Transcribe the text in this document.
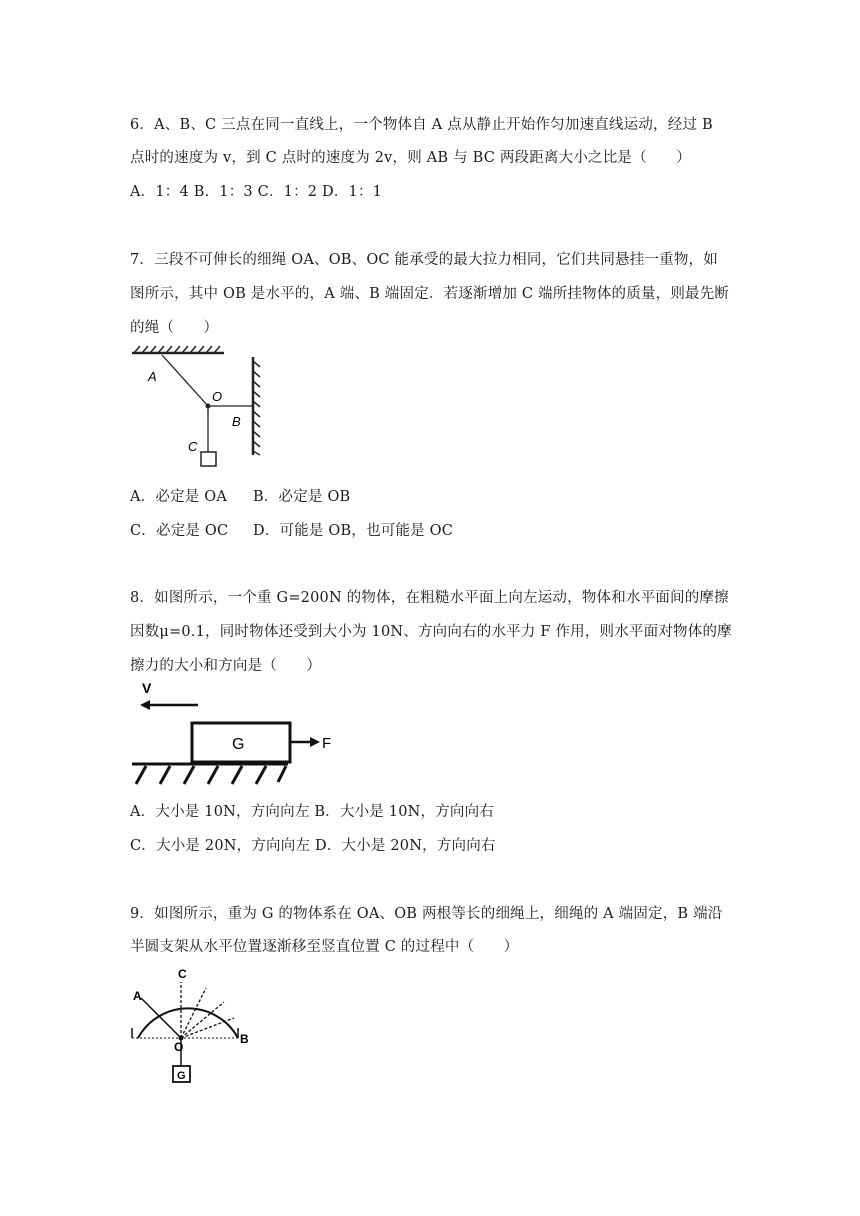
6．A、B、C 三点在同一直线上，一个物体自 A 点从静止开始作匀加速直线运动，经过 B
点时的速度为 v，到 C 点时的速度为 2v，则 AB 与 BC 两段距离大小之比是（　　）
A．1：4 B．1：3 C．1：2 D．1：1
7．三段不可伸长的细绳 OA、OB、OC 能承受的最大拉力相同，它们共同悬挂一重物，如
图所示，其中 OB 是水平的，A 端、B 端固定．若逐渐增加 C 端所挂物体的质量，则最先断
的绳（　　）
A
O
B
C
A．必定是 OA B．必定是 OB
C．必定是 OC D．可能是 OB，也可能是 OC
8．如图所示，一个重 G=200N 的物体，在粗糙水平面上向左运动，物体和水平面间的摩擦
因数μ=0.1，同时物体还受到大小为 10N、方向向右的水平力 F 作用，则水平面对物体的摩
擦力的大小和方向是（　　）
V
G	F
A．大小是 10N，方向向左 B．大小是 10N，方向向右
C．大小是 20N，方向向左 D．大小是 20N，方向向右
9．如图所示，重为 G 的物体系在 OA、OB 两根等长的细绳上，细绳的 A 端固定，B 端沿
半圆支架从水平位置逐渐移至竖直位置 C 的过程中（　　）
G
A
C
B
O
